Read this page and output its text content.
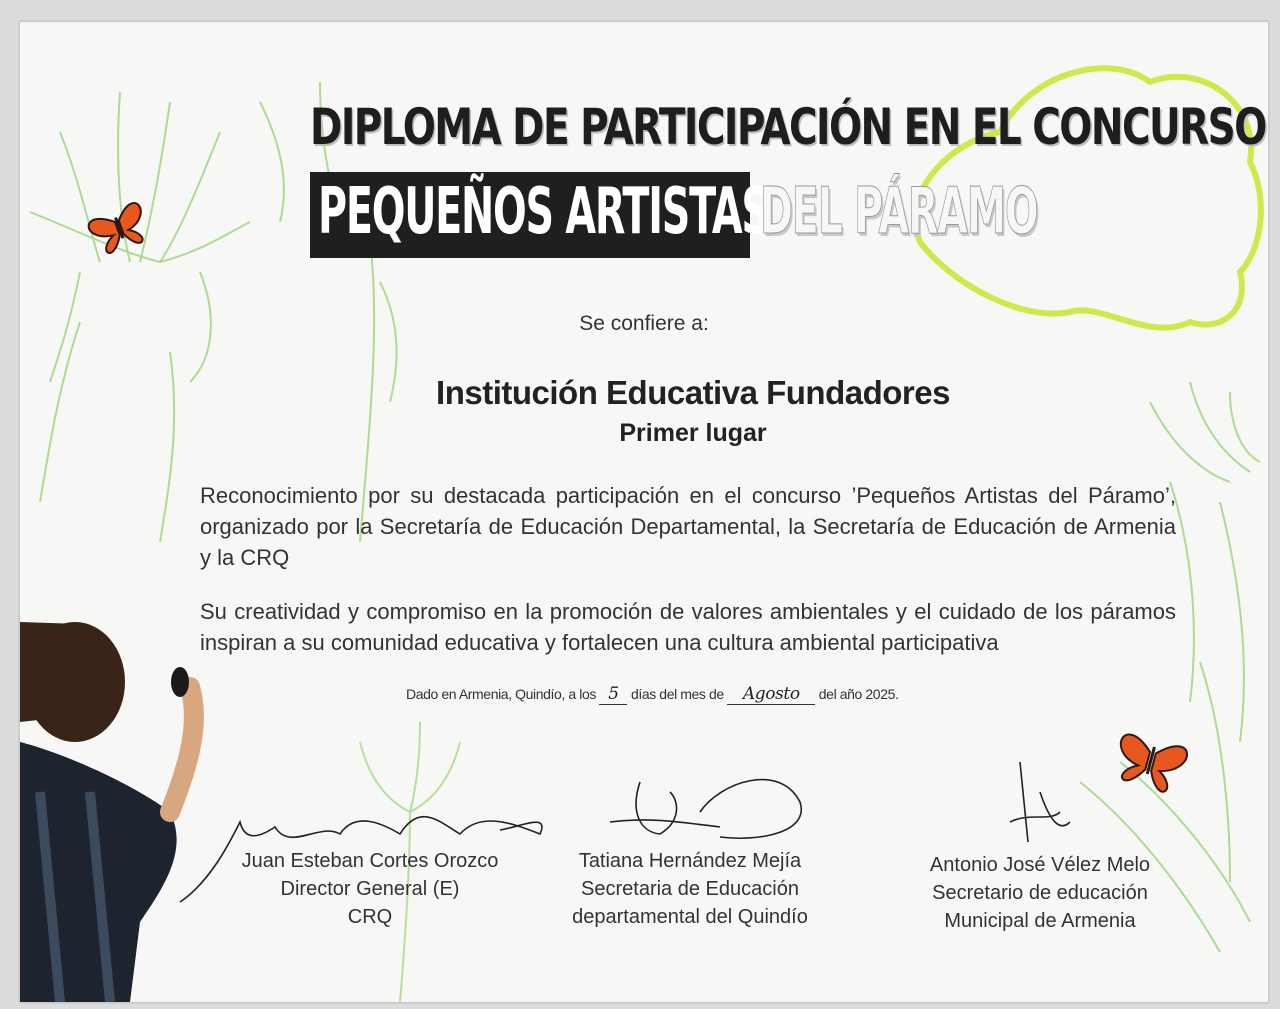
DIPLOMA DE PARTICIPACIÓN EN EL CONCURSO
PEQUEÑOS ARTISTAS
DEL PÁRAMO
Se confiere a:
Institución Educativa Fundadores
Primer lugar
Reconocimiento por su destacada participación en el concurso ’Pequeños Artistas del Páramo’, organizado por la Secretaría de Educación Departamental, la Secretaría de Educación de Armenia y la CRQ
Su creatividad y compromiso en la promoción de valores ambientales y el cuidado de los páramos inspiran a su comunidad educativa y fortalecen una cultura ambiental participativa
Dado en Armenia, Quindío, a los 5 días del mes de Agosto del año 2025.
Juan Esteban Cortes Orozco
Director General (E)
CRQ
Tatiana Hernández Mejía
Secretaria de Educación
departamental del Quindío
Antonio José Vélez Melo
Secretario de educación
Municipal de Armenia
